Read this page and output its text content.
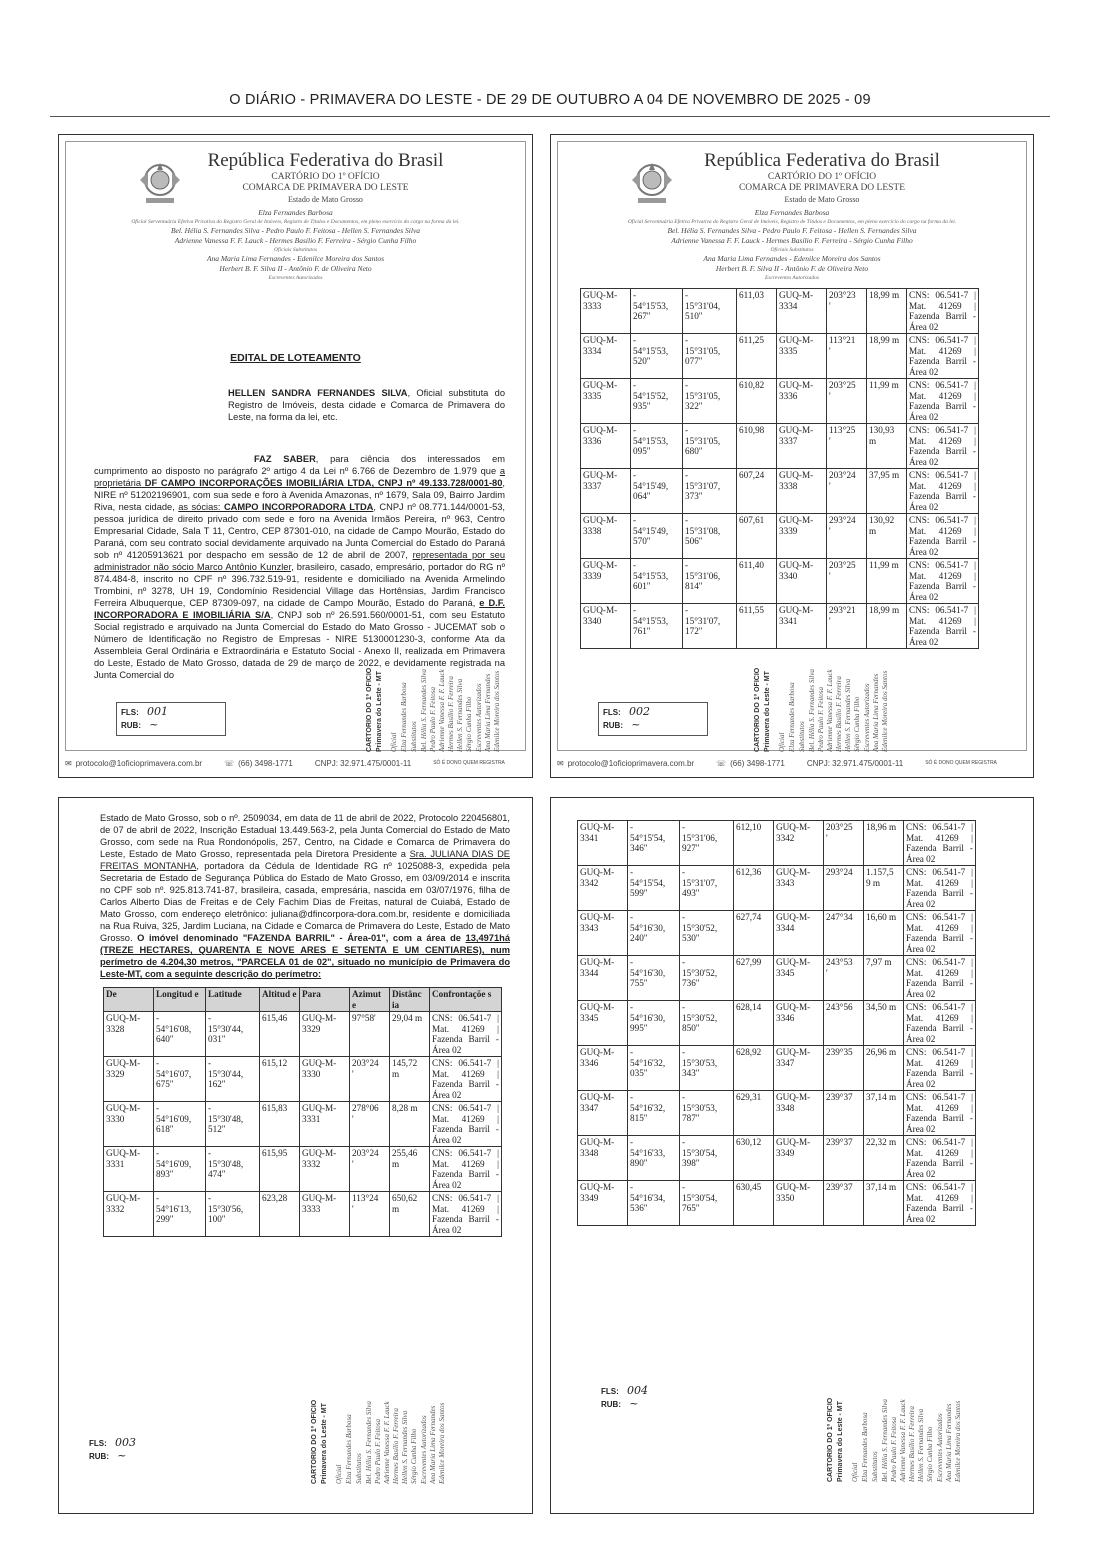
O DIÁRIO - PRIMAVERA DO LESTE - DE 29 DE OUTUBRO A 04 DE NOVEMBRO DE 2025 - 09
República Federativa do Brasil
CARTÓRIO DO 1º OFÍCIO
COMARCA DE PRIMAVERA DO LESTE
Estado de Mato Grosso
Elza Fernandes Barbosa
Oficial Serventuária Efetiva Privativa do Registro Geral de Imóveis, Registro de Títulos e Documentos, em pleno exercício do cargo na forma da lei.
Bel. Hélia S. Fernandes Silva - Pedro Paulo F. Feitosa - Hellen S. Fernandes Silva
Adrienne Vanessa F. F. Lauck - Hermes Basílio F. Ferreira - Sérgio Cunha Filho
Oficiais Substitutos
Ana Maria Lima Fernandes - Edenilce Moreira dos Santos
Herbert B. F. Silva II - Antônio F. de Oliveira Neto
Escreventes Autorizados
EDITAL DE LOTEAMENTO
HELLEN SANDRA FERNANDES SILVA, Oficial substituta do Registro de Imóveis, desta cidade e Comarca de Primavera do Leste, na forma da lei, etc.
FAZ SABER, para ciência dos interessados em cumprimento ao disposto no parágrafo 2º artigo 4 da Lei nº 6.766 de Dezembro de 1.979 que a proprietária DF CAMPO INCORPORAÇÕES IMOBILIÁRIA LTDA, CNPJ nº 49.133.728/0001-80, NIRE nº 51202196901, com sua sede e foro à Avenida Amazonas, nº 1679, Sala 09, Bairro Jardim Riva, nesta cidade, as sócias: CAMPO INCORPORADORA LTDA, CNPJ nº 08.771.144/0001-53, pessoa jurídica de direito privado com sede e foro na Avenida Irmãos Pereira, nº 963, Centro Empresarial Cidade, Sala T 11, Centro, CEP 87301-010, na cidade de Campo Mourão, Estado do Paraná, com seu contrato social devidamente arquivado na Junta Comercial do Estado do Paraná sob nº 41205913621 por despacho em sessão de 12 de abril de 2007, representada por seu administrador não sócio Marco Antônio Kunzler, brasileiro, casado, empresário, portador do RG nº 874.484-8, inscrito no CPF nº 396.732.519-91, residente e domiciliado na Avenida Armelindo Trombini, nº 3278, UH 19, Condomínio Residencial Village das Hortênsias, Jardim Francisco Ferreira Albuquerque, CEP 87309-097, na cidade de Campo Mourão, Estado do Paraná, e D.F. INCORPORADORA E IMOBILIÁRIA S/A, CNPJ sob nº 26.591.560/0001-51, com seu Estatuto Social registrado e arquivado na Junta Comercial do Estado do Mato Grosso - JUCEMAT sob o Número de Identificação no Registro de Empresas - NIRE 5130001230-3, conforme Ata da Assembleia Geral Ordinária e Extraordinária e Estatuto Social - Anexo II, realizada em Primavera do Leste, Estado de Mato Grosso, datada de 29 de março de 2022, e devidamente registrada na Junta Comercial do
FLS: 001
RUB: ~	CARTÓRIO DO 1º OFÍCIO Primavera do Leste - MT Oficial Elza Fernandes Barbosa Substitutos Bel. Hélia S. Fernandes Silva Pedro Paulo F. Feitosa Adrienne Vanessa F. F. Lauck Hermes Basílio F. Ferreira Hellen S. Fernandes Silva Sérgio Cunha Filho Escreventes Autorizados Ana Maria Lima Fernandes Edenilce Moreira dos Santos
✉ protocolo@1oficioprimavera.com.br	☏ (66) 3498-1771	CNPJ: 32.971.475/0001-11	SÓ É DONO QUEM REGISTRA
República Federativa do Brasil
CARTÓRIO DO 1º OFÍCIO
COMARCA DE PRIMAVERA DO LESTE
Estado de Mato Grosso
Elza Fernandes Barbosa
Oficial Serventuária Efetiva Privativa do Registro Geral de Imóveis, Registro de Títulos e Documentos, em pleno exercício do cargo na forma da lei.
Bel. Hélia S. Fernandes Silva - Pedro Paulo F. Feitosa - Hellen S. Fernandes Silva
Adrienne Vanessa F. F. Lauck - Hermes Basílio F. Ferreira - Sérgio Cunha Filho
Oficiais Substitutos
Ana Maria Lima Fernandes - Edenilce Moreira dos Santos
Herbert B. F. Silva II - Antônio F. de Oliveira Neto
Escreventes Autorizados
GUQ-M-3333	-
54°15'53,
267"	-
15°31'04,
510"	611,03	GUQ-M-
3334	203°23
'	18,99 m	CNS: 06.541-7 | Mat. 41269 | Fazenda Barril - Área 02
GUQ-M-3334	-
54°15'53,
520"	-
15°31'05,
077"	611,25	GUQ-M-
3335	113°21
'	18,99 m	CNS: 06.541-7 | Mat. 41269 | Fazenda Barril - Área 02
GUQ-M-3335	-
54°15'52,
935"	-
15°31'05,
322"	610,82	GUQ-M-
3336	203°25
'	11,99 m	CNS: 06.541-7 | Mat. 41269 | Fazenda Barril - Área 02
GUQ-M-3336	-
54°15'53,
095"	-
15°31'05,
680"	610,98	GUQ-M-
3337	113°25
'	130,93
m	CNS: 06.541-7 | Mat. 41269 | Fazenda Barril - Área 02
GUQ-M-3337	-
54°15'49,
064"	-
15°31'07,
373"	607,24	GUQ-M-
3338	203°24
'	37,95 m	CNS: 06.541-7 | Mat. 41269 | Fazenda Barril - Área 02
GUQ-M-3338	-
54°15'49,
570"	-
15°31'08,
506"	607,61	GUQ-M-
3339	293°24
'	130,92
m	CNS: 06.541-7 | Mat. 41269 | Fazenda Barril - Área 02
GUQ-M-3339	-
54°15'53,
601"	-
15°31'06,
814"	611,40	GUQ-M-
3340	203°25
'	11,99 m	CNS: 06.541-7 | Mat. 41269 | Fazenda Barril - Área 02
GUQ-M-3340	-
54°15'53,
761"	-
15°31'07,
172"	611,55	GUQ-M-
3341	293°21
'	18,99 m	CNS: 06.541-7 | Mat. 41269 | Fazenda Barril - Área 02
FLS: 002
RUB: ~	CARTÓRIO DO 1º OFÍCIO Primavera do Leste - MT Oficial Elza Fernandes Barbosa Substitutos Bel. Hélia S. Fernandes Silva Pedro Paulo F. Feitosa Adrienne Vanessa F. F. Lauck Hermes Basílio F. Ferreira Hellen S. Fernandes Silva Sérgio Cunha Filho Escreventes Autorizados Ana Maria Lima Fernandes Edenilce Moreira dos Santos
✉ protocolo@1oficioprimavera.com.br	☏ (66) 3498-1771	CNPJ: 32.971.475/0001-11	SÓ É DONO QUEM REGISTRA
Estado de Mato Grosso, sob o nº. 2509034, em data de 11 de abril de 2022, Protocolo 220456801, de 07 de abril de 2022, Inscrição Estadual 13.449.563-2, pela Junta Comercial do Estado de Mato Grosso, com sede na Rua Rondonópolis, 257, Centro, na Cidade e Comarca de Primavera do Leste, Estado de Mato Grosso, representada pela Diretora Presidente a Sra. JULIANA DIAS DE FREITAS MONTANHA, portadora da Cédula de Identidade RG nº 1025088-3, expedida pela Secretaria de Estado de Segurança Pública do Estado de Mato Grosso, em 03/09/2014 e inscrita no CPF sob nº. 925.813.741-87, brasileira, casada, empresária, nascida em 03/07/1976, filha de Carlos Alberto Dias de Freitas e de Cely Fachim Dias de Freitas, natural de Cuiabá, Estado de Mato Grosso, com endereço eletrônico: juliana@dfincorpora-dora.com.br, residente e domiciliada na Rua Ruiva, 325, Jardim Luciana, na Cidade e Comarca de Primavera do Leste, Estado de Mato Grosso. O imóvel denominado "FAZENDA BARRIL" - Área-01", com a área de 13,4971há (TREZE HECTARES, QUARENTA E NOVE ARES E SETENTA E UM CENTIARES), num perímetro de 4.204,30 metros, "PARCELA 01 de 02", situado no município de Primavera do Leste-MT, com a seguinte descrição do perímetro:
De	Longitud e	Latitude	Altitud e	Para	Azimut e	Distânc ia	Confrontaçõe s
GUQ-M-3328	-
54°16'08,
640"	-
15°30'44,
031"	615,46	GUQ-M-
3329	97°58'	29,04 m	CNS: 06.541-7 | Mat. 41269 | Fazenda Barril - Área 02
GUQ-M-3329	-
54°16'07,
675"	-
15°30'44,
162"	615,12	GUQ-M-
3330	203°24
'	145,72
m	CNS: 06.541-7 | Mat. 41269 | Fazenda Barril - Área 02
GUQ-M-3330	-
54°16'09,
618"	-
15°30'48,
512"	615,83	GUQ-M-
3331	278°06
'	8,28 m	CNS: 06.541-7 | Mat. 41269 | Fazenda Barril - Área 02
GUQ-M-3331	-
54°16'09,
893"	-
15°30'48,
474"	615,95	GUQ-M-
3332	203°24
'	255,46
m	CNS: 06.541-7 | Mat. 41269 | Fazenda Barril - Área 02
GUQ-M-3332	-
54°16'13,
299"	-
15°30'56,
100"	623,28	GUQ-M-
3333	113°24
'	650,62
m	CNS: 06.541-7 | Mat. 41269 | Fazenda Barril - Área 02
FLS: 003
RUB: ~	CARTÓRIO DO 1º OFÍCIO Primavera do Leste - MT Oficial Elza Fernandes Barbosa Substitutos Bel. Hélia S. Fernandes Silva Pedro Paulo F. Feitosa Adrienne Vanessa F. F. Lauck Hermes Basílio F. Ferreira Hellen S. Fernandes Silva Sérgio Cunha Filho Escreventes Autorizados Ana Maria Lima Fernandes Edenilce Moreira dos Santos
GUQ-M-3341	-
54°15'54,
346"	-
15°31'06,
927"	612,10	GUQ-M-
3342	203°25
'	18,96 m	CNS: 06.541-7 | Mat. 41269 | Fazenda Barril - Área 02
GUQ-M-3342	-
54°15'54,
599"	-
15°31'07,
493"	612,36	GUQ-M-
3343	293°24	1.157,5
9 m	CNS: 06.541-7 | Mat. 41269 | Fazenda Barril - Área 02
GUQ-M-3343	-
54°16'30,
240"	-
15°30'52,
530"	627,74	GUQ-M-
3344	247°34	16,60 m	CNS: 06.541-7 | Mat. 41269 | Fazenda Barril - Área 02
GUQ-M-3344	-
54°16'30,
755"	-
15°30'52,
736"	627,99	GUQ-M-
3345	243°53
'	7,97 m	CNS: 06.541-7 | Mat. 41269 | Fazenda Barril - Área 02
GUQ-M-3345	-
54°16'30,
995"	-
15°30'52,
850"	628,14	GUQ-M-
3346	243°56	34,50 m	CNS: 06.541-7 | Mat. 41269 | Fazenda Barril - Área 02
GUQ-M-3346	-
54°16'32,
035"	-
15°30'53,
343"	628,92	GUQ-M-
3347	239°35	26,96 m	CNS: 06.541-7 | Mat. 41269 | Fazenda Barril - Área 02
GUQ-M-3347	-
54°16'32,
815"	-
15°30'53,
787"	629,31	GUQ-M-
3348	239°37	37,14 m	CNS: 06.541-7 | Mat. 41269 | Fazenda Barril - Área 02
GUQ-M-3348	-
54°16'33,
890"	-
15°30'54,
398"	630,12	GUQ-M-
3349	239°37	22,32 m	CNS: 06.541-7 | Mat. 41269 | Fazenda Barril - Área 02
GUQ-M-3349	-
54°16'34,
536"	-
15°30'54,
765"	630,45	GUQ-M-
3350	239°37	37,14 m	CNS: 06.541-7 | Mat. 41269 | Fazenda Barril - Área 02
FLS: 004
RUB: ~	CARTÓRIO DO 1º OFÍCIO Primavera do Leste - MT Oficial Elza Fernandes Barbosa Substitutos Bel. Hélia S. Fernandes Silva Pedro Paulo F. Feitosa Adrienne Vanessa F. F. Lauck Hermes Basílio F. Ferreira Hellen S. Fernandes Silva Sérgio Cunha Filho Escreventes Autorizados Ana Maria Lima Fernandes Edenilce Moreira dos Santos
